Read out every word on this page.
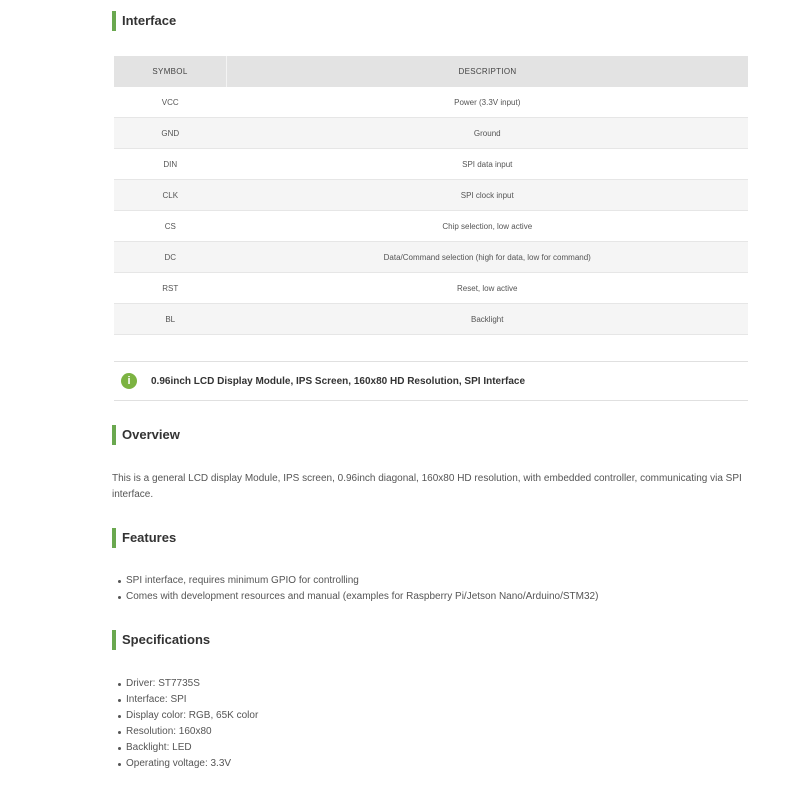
Interface
SYMBOL	DESCRIPTION
VCC	Power (3.3V input)
GND	Ground
DIN	SPI data input
CLK	SPI clock input
CS	Chip selection, low active
DC	Data/Command selection (high for data, low for command)
RST	Reset, low active
BL	Backlight
i	0.96inch LCD Display Module, IPS Screen, 160x80 HD Resolution, SPI Interface
Overview
This is a general LCD display Module, IPS screen, 0.96inch diagonal, 160x80 HD resolution, with embedded controller, communicating via SPI interface.
Features
SPI interface, requires minimum GPIO for controlling
Comes with development resources and manual (examples for Raspberry Pi/Jetson Nano/Arduino/STM32)
Specifications
Driver: ST7735S
Interface: SPI
Display color: RGB, 65K color
Resolution: 160x80
Backlight: LED
Operating voltage: 3.3V
